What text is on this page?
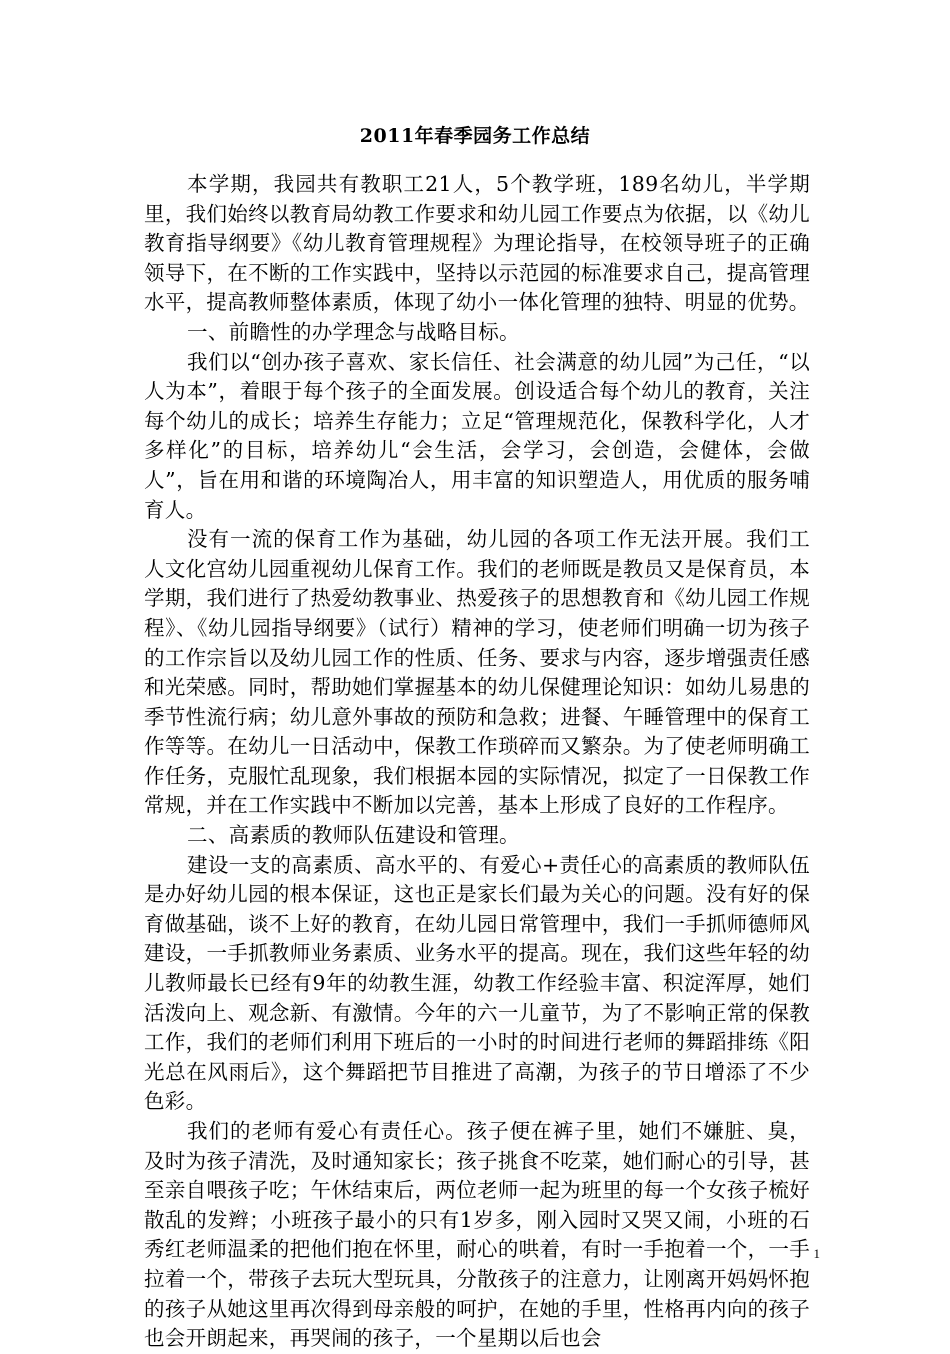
2011年春季园务工作总结

本学期，我园共有教职工21人，5个教学班，189名幼儿，半学期里，我们始终以教育局幼教工作要求和幼儿园工作要点为依据，以《幼儿教育指导纲要》《幼儿教育管理规程》为理论指导，在校领导班子的正确领导下，在不断的工作实践中，坚持以示范园的标准要求自己，提高管理水平，提高教师整体素质，体现了幼小一体化管理的独特、明显的优势。

一、前瞻性的办学理念与战略目标。

我们以“创办孩子喜欢、家长信任、社会满意的幼儿园”为己任，“以人为本”，着眼于每个孩子的全面发展。创设适合每个幼儿的教育，关注每个幼儿的成长；培养生存能力；立足“管理规范化，保教科学化，人才多样化”的目标，培养幼儿“会生活，会学习，会创造，会健体，会做人”，旨在用和谐的环境陶冶人，用丰富的知识塑造人，用优质的服务哺育人。

没有一流的保育工作为基础，幼儿园的各项工作无法开展。我们工人文化宫幼儿园重视幼儿保育工作。我们的老师既是教员又是保育员，本学期，我们进行了热爱幼教事业、热爱孩子的思想教育和《幼儿园工作规程》、《幼儿园指导纲要》（试行）精神的学习，使老师们明确一切为孩子的工作宗旨以及幼儿园工作的性质、任务、要求与内容，逐步增强责任感和光荣感。同时，帮助她们掌握基本的幼儿保健理论知识：如幼儿易患的季节性流行病；幼儿意外事故的预防和急救；进餐、午睡管理中的保育工作等等。在幼儿一日活动中，保教工作琐碎而又繁杂。为了使老师明确工作任务，克服忙乱现象，我们根据本园的实际情况，拟定了一日保教工作常规，并在工作实践中不断加以完善，基本上形成了良好的工作程序。

二、高素质的教师队伍建设和管理。

建设一支的高素质、高水平的、有爱心+责任心的高素质的教师队伍是办好幼儿园的根本保证，这也正是家长们最为关心的问题。没有好的保育做基础，谈不上好的教育，在幼儿园日常管理中，我们一手抓师德师风建设，一手抓教师业务素质、业务水平的提高。现在，我们这些年轻的幼儿教师最长已经有9年的幼教生涯，幼教工作经验丰富、积淀浑厚，她们活泼向上、观念新、有激情。今年的六一儿童节，为了不影响正常的保教工作，我们的老师们利用下班后的一小时的时间进行老师的舞蹈排练《阳光总在风雨后》，这个舞蹈把节目推进了高潮，为孩子的节日增添了不少色彩。

我们的老师有爱心有责任心。孩子便在裤子里，她们不嫌脏、臭，及时为孩子清洗，及时通知家长；孩子挑食不吃菜，她们耐心的引导，甚至亲自喂孩子吃；午休结束后，两位老师一起为班里的每一个女孩子梳好散乱的发辫；小班孩子最小的只有1岁多，刚入园时又哭又闹，小班的石秀红老师温柔的把他们抱在怀里，耐心的哄着，有时一手抱着一个，一手拉着一个，带孩子去玩大型玩具，分散孩子的注意力，让刚离开妈妈怀抱的孩子从她这里再次得到母亲般的呵护，在她的手里，性格再内向的孩子也会开朗起来，再哭闹的孩子，一个星期以后也会

1
